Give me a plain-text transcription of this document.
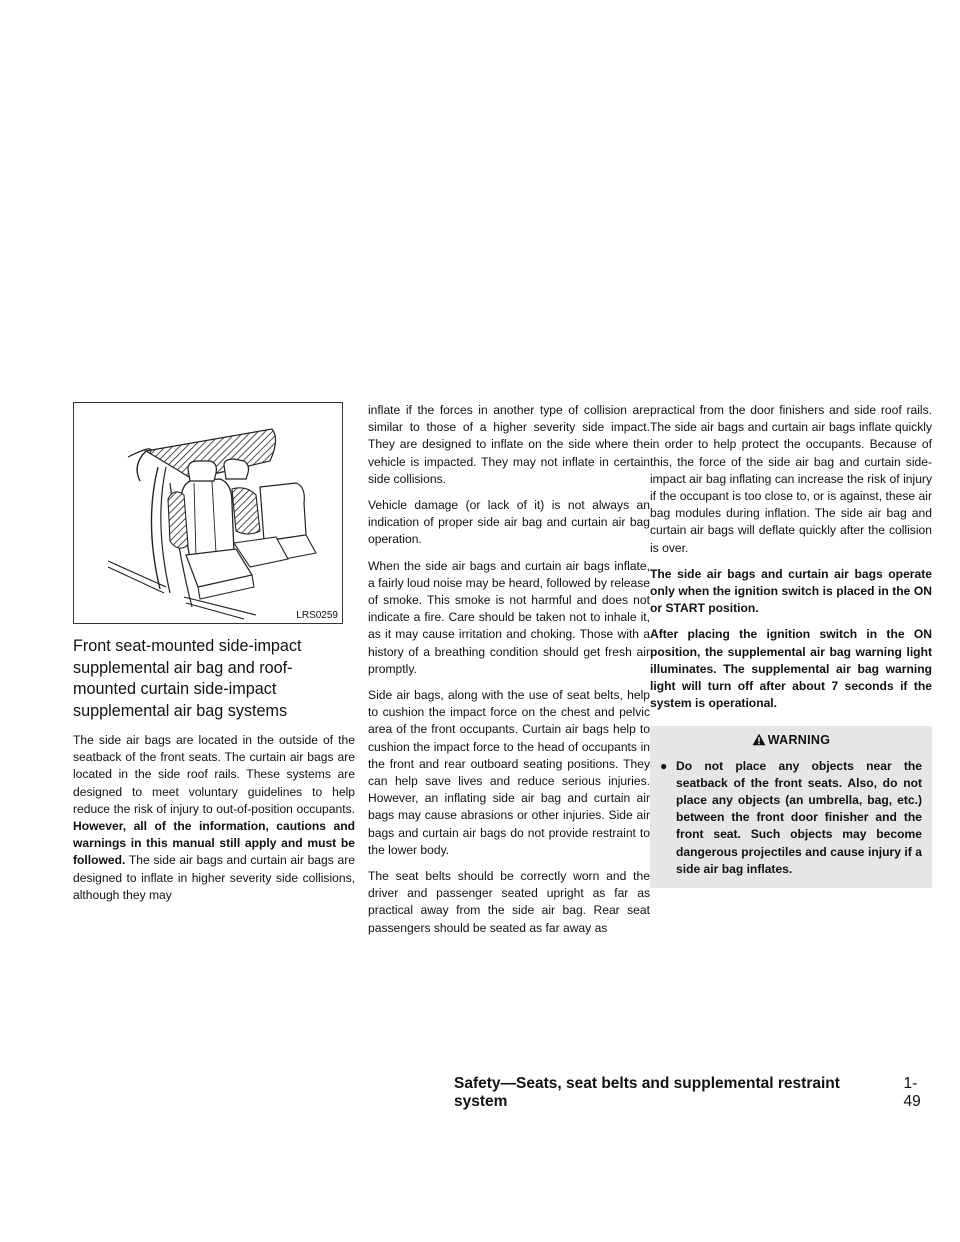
LRS0259
Front seat-mounted side-impact supplemental air bag and roof-mounted curtain side-impact supplemental air bag systems

The side air bags are located in the outside of the seatback of the front seats. The curtain air bags are located in the side roof rails. These systems are designed to meet voluntary guidelines to help reduce the risk of injury to out-of-position occupants. However, all of the information, cautions and warnings in this manual still apply and must be followed. The side air bags and curtain air bags are designed to inflate in higher severity side collisions, although they may

inflate if the forces in another type of collision are similar to those of a higher severity side impact. They are designed to inflate on the side where the vehicle is impacted. They may not inflate in certain side collisions.

Vehicle damage (or lack of it) is not always an indication of proper side air bag and curtain air bag operation.

When the side air bags and curtain air bags inflate, a fairly loud noise may be heard, followed by release of smoke. This smoke is not harmful and does not indicate a fire. Care should be taken not to inhale it, as it may cause irritation and choking. Those with a history of a breathing condition should get fresh air promptly.

Side air bags, along with the use of seat belts, help to cushion the impact force on the chest and pelvic area of the front occupants. Curtain air bags help to cushion the impact force to the head of occupants in the front and rear outboard seating positions. They can help save lives and reduce serious injuries. However, an inflating side air bag and curtain air bags may cause abrasions or other injuries. Side air bags and curtain air bags do not provide restraint to the lower body.

The seat belts should be correctly worn and the driver and passenger seated upright as far as practical away from the side air bag. Rear seat passengers should be seated as far away as

practical from the door finishers and side roof rails. The side air bags and curtain air bags inflate quickly in order to help protect the occupants. Because of this, the force of the side air bag and curtain side-impact air bag inflating can increase the risk of injury if the occupant is too close to, or is against, these air bag modules during inflation. The side air bag and curtain air bags will deflate quickly after the collision is over.

The side air bags and curtain air bags operate only when the ignition switch is placed in the ON or START position.

After placing the ignition switch in the ON position, the supplemental air bag warning light illuminates. The supplemental air bag warning light will turn off after about 7 seconds if the system is operational.

WARNING
● Do not place any objects near the seatback of the front seats. Also, do not place any objects (an umbrella, bag, etc.) between the front door finisher and the front seat. Such objects may become dangerous projectiles and cause injury if a side air bag inflates.
Safety—Seats, seat belts and supplemental restraint system
1-49
